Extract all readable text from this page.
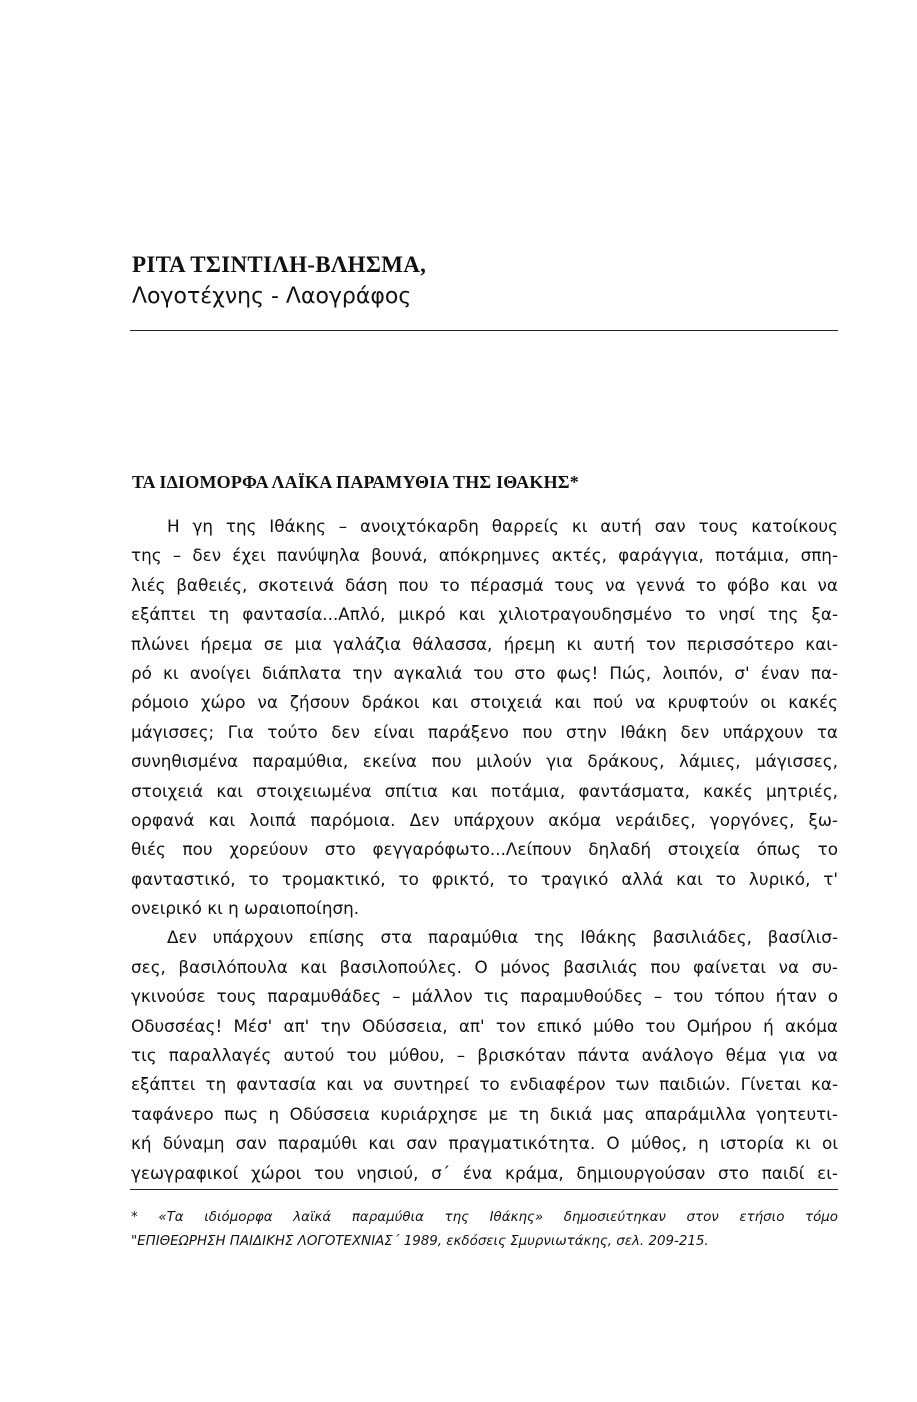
ΡΙΤΑ ΤΣΙΝΤΙΛΗ-ΒΛΗΣΜΑ,
Λογοτέχνης - Λαογράφος
ΤΑ ΙΔΙΟΜΟΡΦΑ ΛΑΪΚΑ ΠΑΡΑΜΥΘΙΑ ΤΗΣ ΙΘΑΚΗΣ*

Η γη της Ιθάκης – ανοιχτόκαρδη θαρρείς κι αυτή σαν τους κατοίκους
της – δεν έχει πανύψηλα βουνά, απόκρημνες ακτές, φαράγγια, ποτάμια, σπη-
λιές βαθειές, σκοτεινά δάση που το πέρασμά τους να γεννά το φόβο και να
εξάπτει τη φαντασία...Απλό, μικρό και χιλιοτραγουδησμένο το νησί της ξα-
πλώνει ήρεμα σε μια γαλάζια θάλασσα, ήρεμη κι αυτή τον περισσότερο και-
ρό κι ανοίγει διάπλατα την αγκαλιά του στο φως! Πώς, λοιπόν, σ' έναν πα-
ρόμοιο χώρο να ζήσουν δράκοι και στοιχειά και πού να κρυφτούν οι κακές
μάγισσες; Για τούτο δεν είναι παράξενο που στην Ιθάκη δεν υπάρχουν τα
συνηθισμένα παραμύθια, εκείνα που μιλούν για δράκους, λάμιες, μάγισσες,
στοιχειά και στοιχειωμένα σπίτια και ποτάμια, φαντάσματα, κακές μητριές,
ορφανά και λοιπά παρόμοια. Δεν υπάρχουν ακόμα νεράιδες, γοργόνες, ξω-
θιές που χορεύουν στο φεγγαρόφωτο...Λείπουν δηλαδή στοιχεία όπως το
φανταστικό, το τρομακτικό, το φρικτό, το τραγικό αλλά και το λυρικό, τ'
ονειρικό κι η ωραιοποίηση.

Δεν υπάρχουν επίσης στα παραμύθια της Ιθάκης βασιλιάδες, βασίλισ-
σες, βασιλόπουλα και βασιλοπούλες. Ο μόνος βασιλιάς που φαίνεται να συ-
γκινούσε τους παραμυθάδες – μάλλον τις παραμυθούδες – του τόπου ήταν ο
Οδυσσέας! Μέσ' απ' την Οδύσσεια, απ' τον επικό μύθο του Ομήρου ή ακόμα
τις παραλλαγές αυτού του μύθου, – βρισκόταν πάντα ανάλογο θέμα για να
εξάπτει τη φαντασία και να συντηρεί το ενδιαφέρον των παιδιών. Γίνεται κα-
ταφάνερο πως η Οδύσσεια κυριάρχησε με τη δικιά μας απαράμιλλα γοητευτι-
κή δύναμη σαν παραμύθι και σαν πραγματικότητα. Ο μύθος, η ιστορία κι οι
γεωγραφικοί χώροι του νησιού, σ΄ ένα κράμα, δημιουργούσαν στο παιδί ει-

* «Τα ιδιόμορφα λαϊκά παραμύθια της Ιθάκης» δημοσιεύτηκαν στον ετήσιο τόμο
"ΕΠΙΘΕΩΡΗΣΗ ΠΑΙΔΙΚΗΣ ΛΟΓΟΤΕΧΝΙΑΣ΄ 1989, εκδόσεις Σμυρνιωτάκης, σελ. 209-215.
